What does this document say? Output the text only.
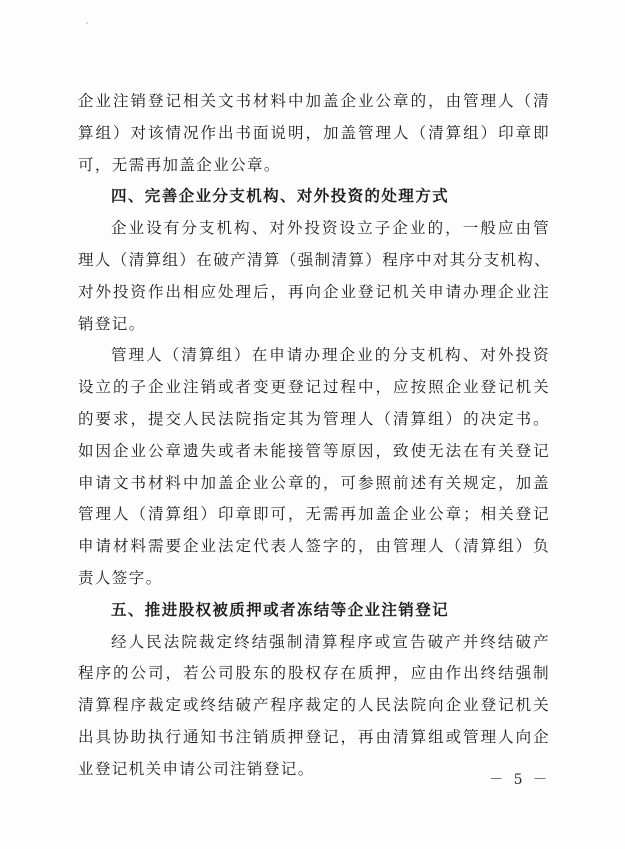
企业注销登记相关文书材料中加盖企业公章的，由管理人（清
算组）对该情况作出书面说明，加盖管理人（清算组）印章即
可，无需再加盖企业公章。
四、完善企业分支机构、对外投资的处理方式
企业设有分支机构、对外投资设立子企业的，一般应由管
理人（清算组）在破产清算（强制清算）程序中对其分支机构、
对外投资作出相应处理后，再向企业登记机关申请办理企业注
销登记。
管理人（清算组）在申请办理企业的分支机构、对外投资
设立的子企业注销或者变更登记过程中，应按照企业登记机关
的要求，提交人民法院指定其为管理人（清算组）的决定书。
如因企业公章遗失或者未能接管等原因，致使无法在有关登记
申请文书材料中加盖企业公章的，可参照前述有关规定，加盖
管理人（清算组）印章即可，无需再加盖企业公章；相关登记
申请材料需要企业法定代表人签字的，由管理人（清算组）负
责人签字。
五、推进股权被质押或者冻结等企业注销登记
经人民法院裁定终结强制清算程序或宣告破产并终结破产
程序的公司，若公司股东的股权存在质押，应由作出终结强制
清算程序裁定或终结破产程序裁定的人民法院向企业登记机关
出具协助执行通知书注销质押登记，再由清算组或管理人向企
业登记机关申请公司注销登记。
－ 5 －
